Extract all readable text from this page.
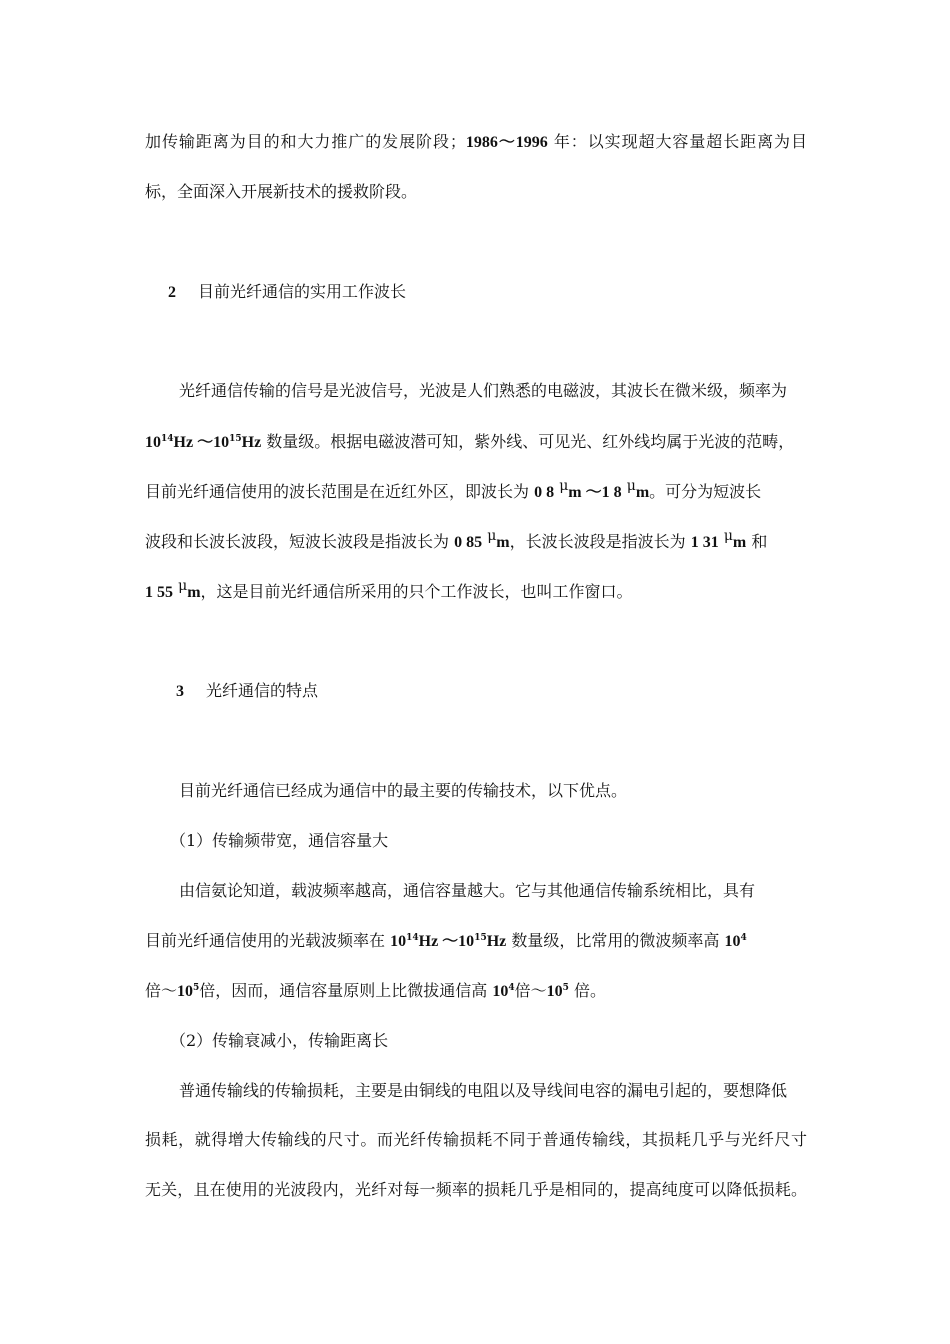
加传输距离为目的和大力推广的发展阶段；1986～1996 年：以实现超大容量超长距离为目
标，全面深入开展新技术的援救阶段。
2 目前光纤通信的实用工作波长
光纤通信传输的信号是光波信号，光波是人们熟悉的电磁波，其波长在微米级，频率为
$10^{14}Hz$ $\sim 10^{15}Hz$ 数量级。根据电磁波潜可知，紫外线、可见光、红外线均属于光波的范畴，
目前光纤通信使用的波长范围是在近红外区，即波长为 0 8 μm ～1 8 μm。可分为短波长
波段和长波长波段，短波长波段是指波长为 0 85 μm，长波长波段是指波长为 1 31 μm 和
1 55 μm，这是目前光纤通信所采用的只个工作波长，也叫工作窗口。
3 光纤通信的特点
目前光纤通信已经成为通信中的最主要的传输技术，以下优点。
（1）传输频带宽，通信容量大
由信氨论知道，载波频率越高，通信容量越大。它与其他通信传输系统相比，具有
目前光纤通信使用的光载波频率在 $10^{14}Hz$ $\sim 10^{15}Hz$ 数量级，比常用的微波频率高 $10^4$
倍$\sim 10^5$倍，因而，通信容量原则上比微拔通信高 $10^4$倍$\sim 10^5$ 倍。
（2）传输衰减小，传输距离长
普通传输线的传输损耗，主要是由铜线的电阻以及导线间电容的漏电引起的，要想降低
损耗，就得增大传输线的尺寸。而光纤传输损耗不同于普通传输线，其损耗几乎与光纤尺寸
无关，且在使用的光波段内，光纤对每一频率的损耗几乎是相同的，提高纯度可以降低损耗。
